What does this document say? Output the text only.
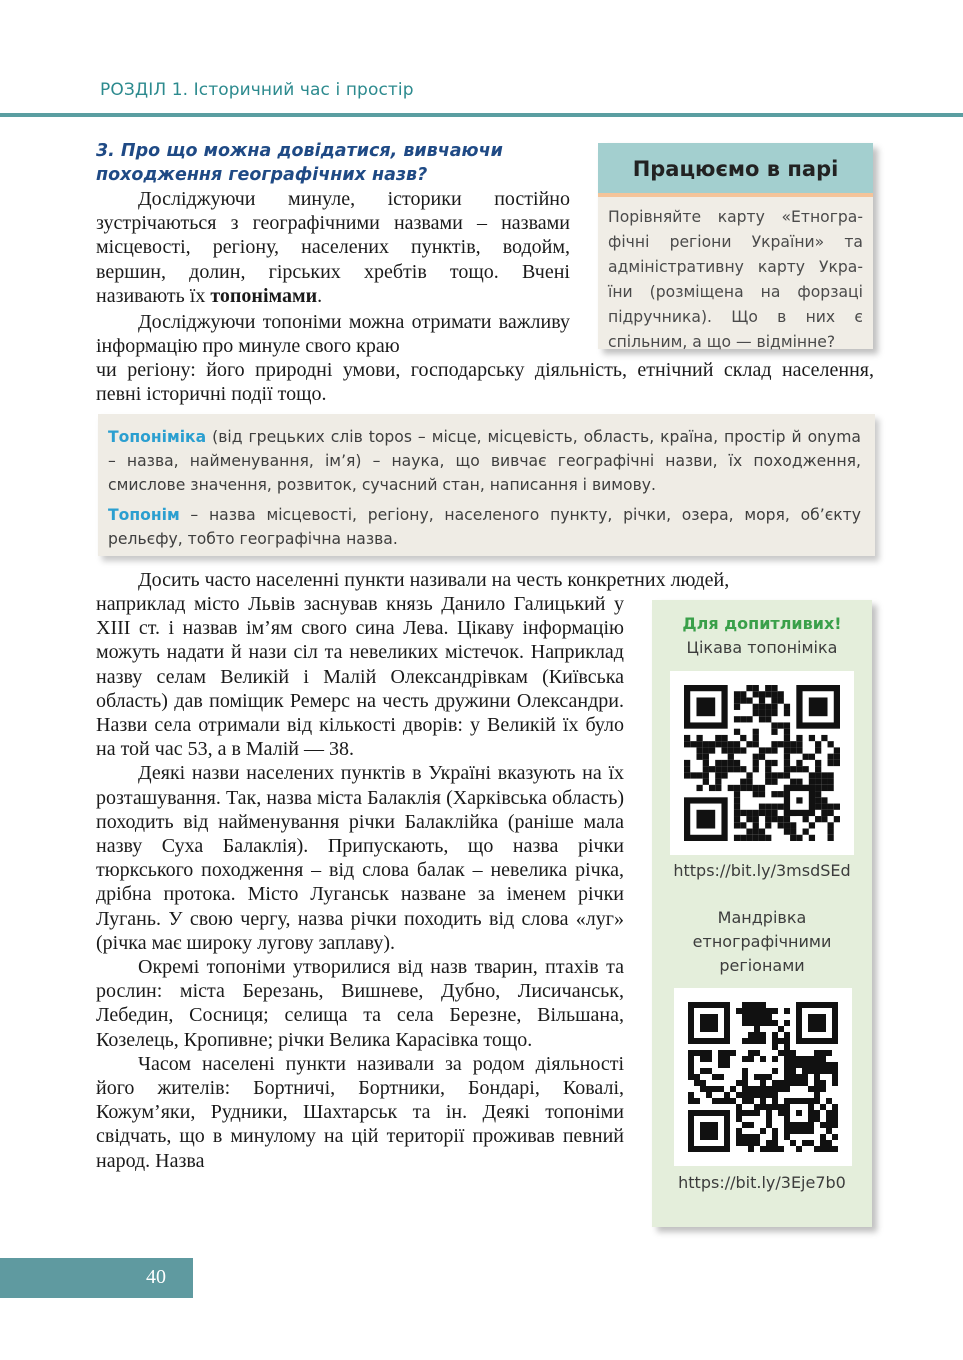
РОЗДІЛ 1. Історичний час і простір
3. Про що можна довідатися, вивчаючи походження географічних назв?

Досліджуючи минуле, історики постійно зустрічаються з географічними назвами – назвами місцевості, регіону, населених пунктів, водойм, вершин, долин, гірських хребтів тощо. Вчені називають їх топонімами.

Досліджуючи топоніми можна отримати важливу інформацію про минуле свого краю

чи регіону: його природні умови, господарську діяльність, етнічний склад населення, певні історичні події тощо.

Працюємо в парі
Порівняйте карту «Етнографічні регіони України» та адміністративну карту України (розміщена на форзаці підручника). Що в них є спільним, а що — відмінне?

Топоніміка (від грецьких слів topos – місце, місцевість, область, країна, простір й onyma – назва, найменування, ім’я) – наука, що вивчає географічні назви, їх походження, смислове значення, розвиток, сучасний стан, написання і вимову.

Топонім – назва місцевості, регіону, населеного пункту, річки, озера, моря, об’єкту рельєфу, тобто географічна назва.

Досить часто населенні пункти називали на честь конкретних людей,

наприклад місто Львів заснував князь Данило Галицький у XIII ст. і назвав ім’ям свого сина Лева. Цікаву інформацію можуть надати й нази сіл та невеликих містечок. Наприклад назву селам Великій і Малій Олександрівкам (Київська область) дав поміщик Ремерс на честь дружини Олександри. Назви села отримали від кількості дворів: у Великій їх було на той час 53, а в Малій — 38.

Деякі назви населених пунктів в Україні вказують на їх розташування. Так, назва міста Балаклія (Харківська область) походить від найменування річки Балаклійка (раніше мала назву Суха Балаклія). Припускають, що назва річки тюркського походження – від слова балак – невелика річка, дрібна протока. Місто Луганськ назване за іменем річки Лугань. У свою чергу, назва річки походить від слова «луг» (річка має широку лугову заплаву).

Окремі топоніми утворилися від назв тварин, птахів та рослин: міста Березань, Вишневе, Дубно, Лисичанськ, Лебедин, Сосниця; селища та села Березне, Вільшана, Козелець, Кропивне; річки Велика Карасівка тощо.

Часом населені пункти називали за родом діяльності його жителів: Бортничі, Бортники, Бондарі, Ковалі, Кожум’яки, Рудники, Шахтарськ та ін. Деякі топоніми свідчать, що в минулому на цій території проживав певний народ. Назва

Для допитливих!
Цікава топоніміка
https://bit.ly/3msdSEd
Мандрівка етнографічними регіонами
https://bit.ly/3Eje7b0
40
